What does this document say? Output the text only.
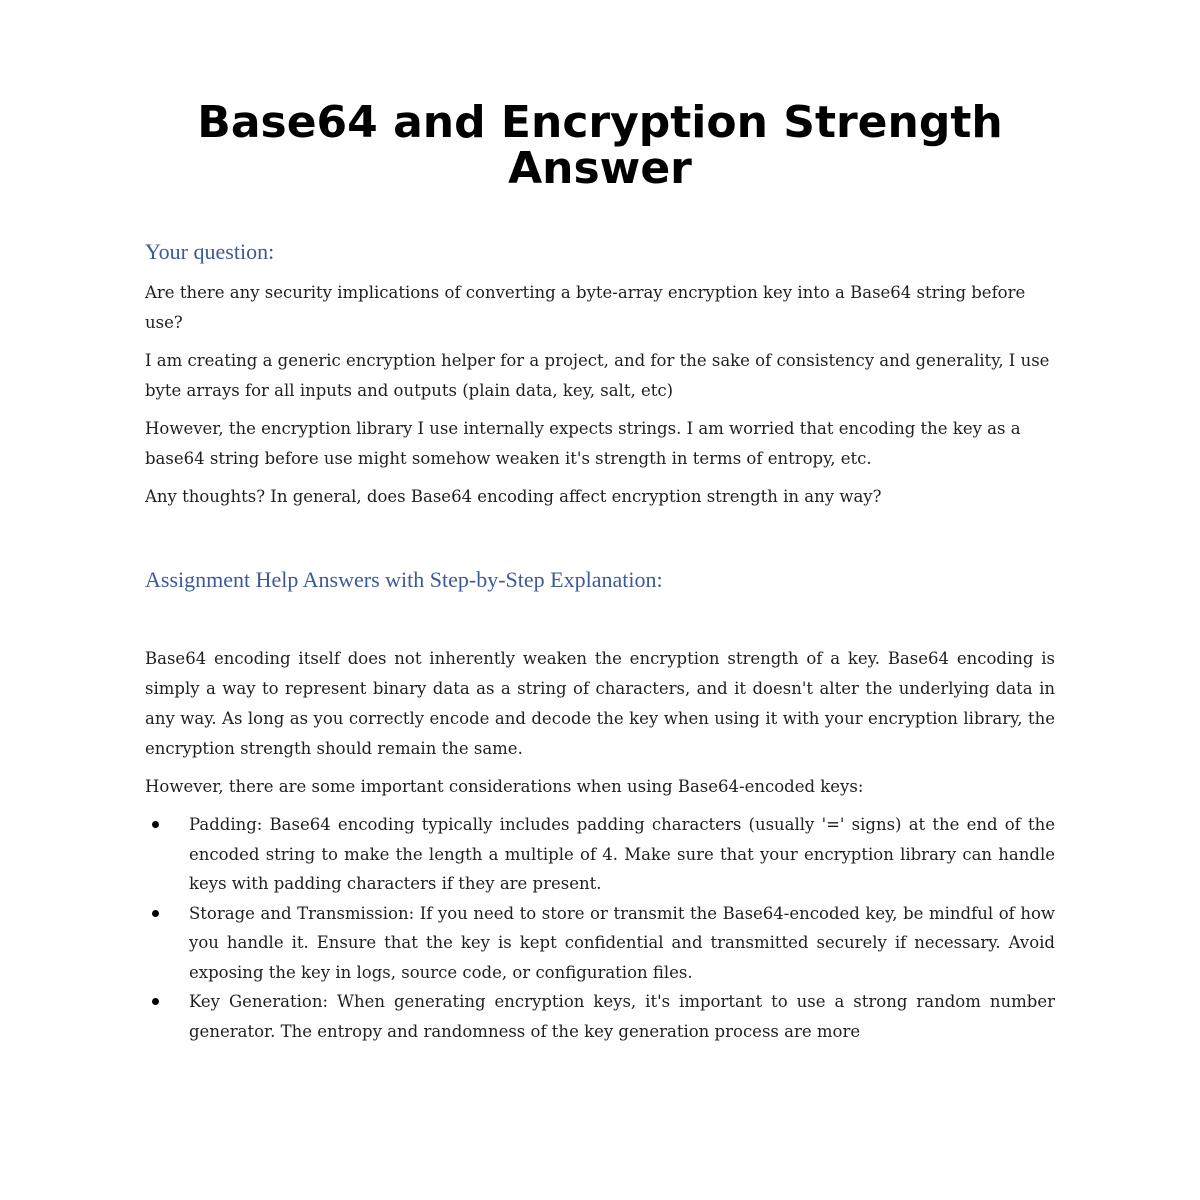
Base64 and Encryption Strength Answer
Your question:

Are there any security implications of converting a byte-array encryption key into a Base64 string before use?

I am creating a generic encryption helper for a project, and for the sake of consistency and generality, I use byte arrays for all inputs and outputs (plain data, key, salt, etc)

However, the encryption library I use internally expects strings. I am worried that encoding the key as a base64 string before use might somehow weaken it's strength in terms of entropy, etc.

Any thoughts? In general, does Base64 encoding affect encryption strength in any way?

Assignment Help Answers with Step-by-Step Explanation:

Base64 encoding itself does not inherently weaken the encryption strength of a key. Base64 encoding is simply a way to represent binary data as a string of characters, and it doesn't alter the underlying data in any way. As long as you correctly encode and decode the key when using it with your encryption library, the encryption strength should remain the same.

However, there are some important considerations when using Base64-encoded keys:

Padding: Base64 encoding typically includes padding characters (usually '=' signs) at the end of the encoded string to make the length a multiple of 4. Make sure that your encryption library can handle keys with padding characters if they are present.
Storage and Transmission: If you need to store or transmit the Base64-encoded key, be mindful of how you handle it. Ensure that the key is kept confidential and transmitted securely if necessary. Avoid exposing the key in logs, source code, or configuration files.
Key Generation: When generating encryption keys, it's important to use a strong random number generator. The entropy and randomness of the key generation process are more
